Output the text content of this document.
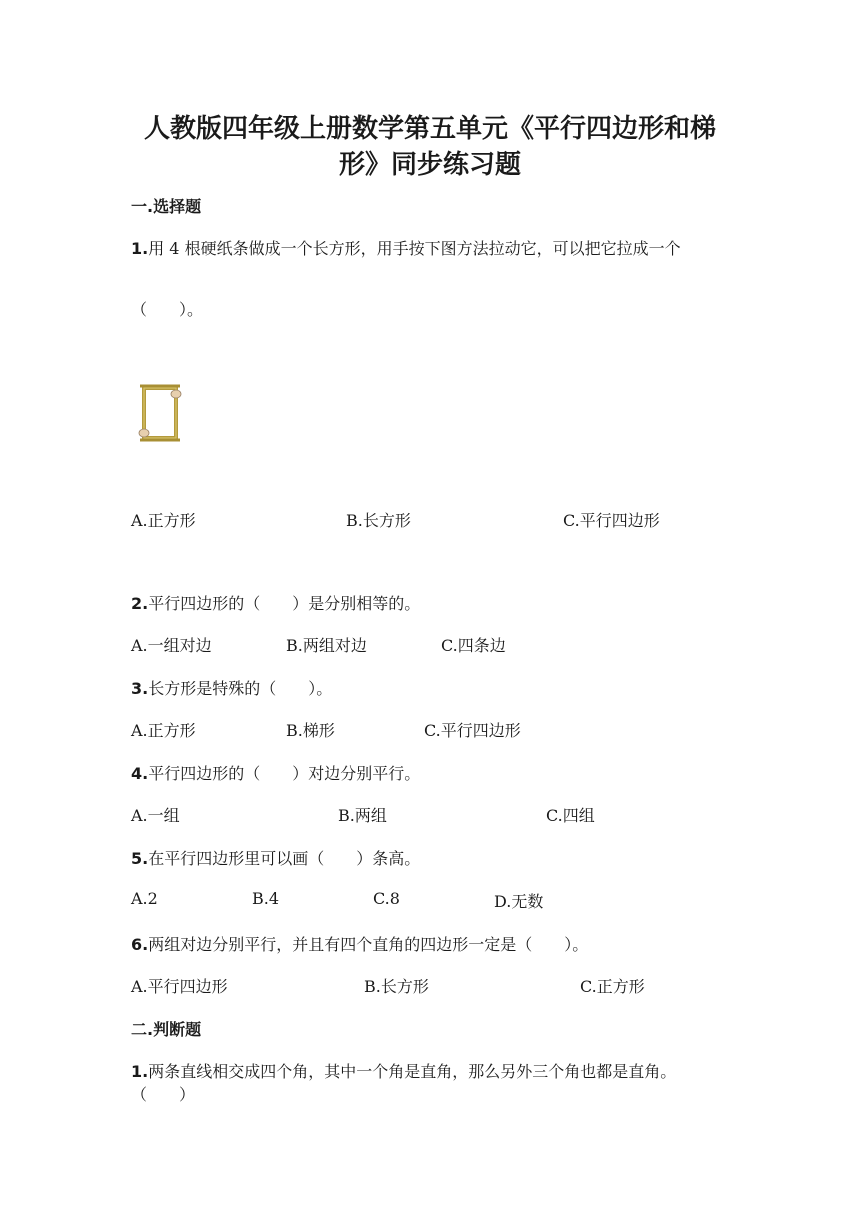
人教版四年级上册数学第五单元《平行四边形和梯
形》同步练习题
一.选择题
1.用 4 根硬纸条做成一个长方形，用手按下图方法拉动它，可以把它拉成一个
（　　）。
A.正方形	B.长方形	C.平行四边形
2.平行四边形的（　　）是分别相等的。
A.一组对边	B.两组对边	C.四条边
3.长方形是特殊的（　　）。
A.正方形	B.梯形	C.平行四边形
4.平行四边形的（　　）对边分别平行。
A.一组	B.两组	C.四组
5.在平行四边形里可以画（　　）条高。
A.2	B.4	C.8	D.无数
6.两组对边分别平行，并且有四个直角的四边形一定是（　　）。
A.平行四边形	B.长方形	C.正方形
二.判断题
1.两条直线相交成四个角，其中一个角是直角，那么另外三个角也都是直角。
（　　）
